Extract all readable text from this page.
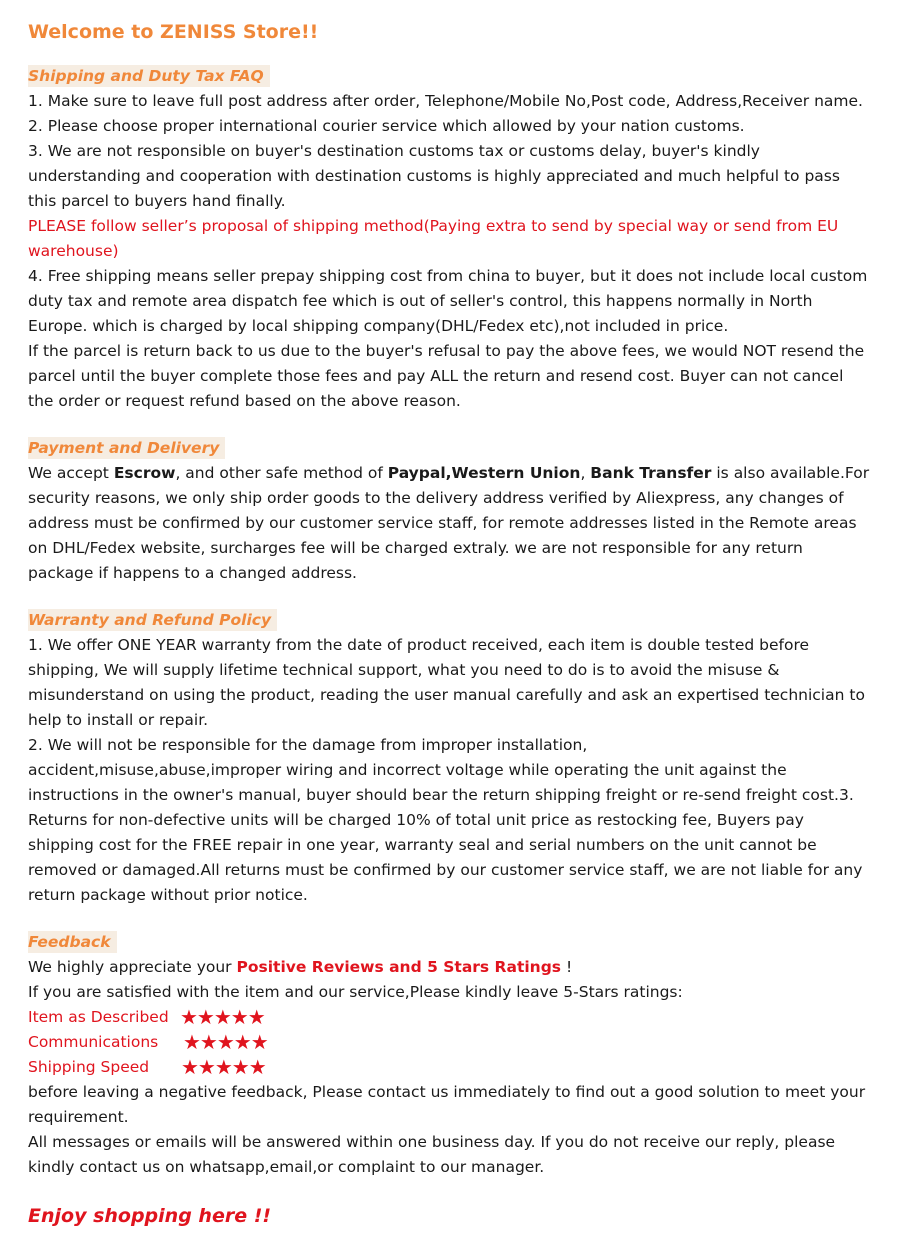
Welcome to ZENISS Store!!
Shipping and Duty Tax FAQ

1. Make sure to leave full post address after order, Telephone/Mobile No,Post code, Address,Receiver name.

2. Please choose proper international courier service which allowed by your nation customs.

3. We are not responsible on buyer's destination customs tax or customs delay, buyer's kindly understanding and cooperation with destination customs is highly appreciated and much helpful to pass this parcel to buyers hand finally.

PLEASE follow seller’s proposal of shipping method(Paying extra to send by special way or send from EU warehouse)

4. Free shipping means seller prepay shipping cost from china to buyer, but it does not include local custom duty tax and remote area dispatch fee which is out of seller's control, this happens normally in North Europe. which is charged by local shipping company(DHL/Fedex etc),not included in price.

If the parcel is return back to us due to the buyer's refusal to pay the above fees, we would NOT resend the parcel until the buyer complete those fees and pay ALL the return and resend cost. Buyer can not cancel the order or request refund based on the above reason.

Payment and Delivery

We accept Escrow, and other safe method of Paypal,Western Union, Bank Transfer is also available.For security reasons, we only ship order goods to the delivery address verified by Aliexpress, any changes of address must be confirmed by our customer service staff, for remote addresses listed in the Remote areas on DHL/Fedex website, surcharges fee will be charged extraly. we are not responsible for any return package if happens to a changed address.

Warranty and Refund Policy

1. We offer ONE YEAR warranty from the date of product received, each item is double tested before shipping, We will supply lifetime technical support, what you need to do is to avoid the misuse & misunderstand on using the product, reading the user manual carefully and ask an expertised technician to help to install or repair.

2. We will not be responsible for the damage from improper installation,

accident,misuse,abuse,improper wiring and incorrect voltage while operating the unit against the instructions in the owner's manual, buyer should bear the return shipping freight or re-send freight cost.3. Returns for non-defective units will be charged 10% of total unit price as restocking fee, Buyers pay shipping cost for the FREE repair in one year, warranty seal and serial numbers on the unit cannot be removed or damaged.All returns must be confirmed by our customer service staff, we are not liable for any return package without prior notice.

Feedback

We highly appreciate your Positive Reviews and 5 Stars Ratings !

If you are satisfied with the item and our service,Please kindly leave 5-Stars ratings:

Item as Described ★★★★★
Communications ★★★★★
Shipping Speed ★★★★★

before leaving a negative feedback, Please contact us immediately to find out a good solution to meet your requirement.

All messages or emails will be answered within one business day. If you do not receive our reply, please kindly contact us on whatsapp,email,or complaint to our manager.

Enjoy shopping here !!
